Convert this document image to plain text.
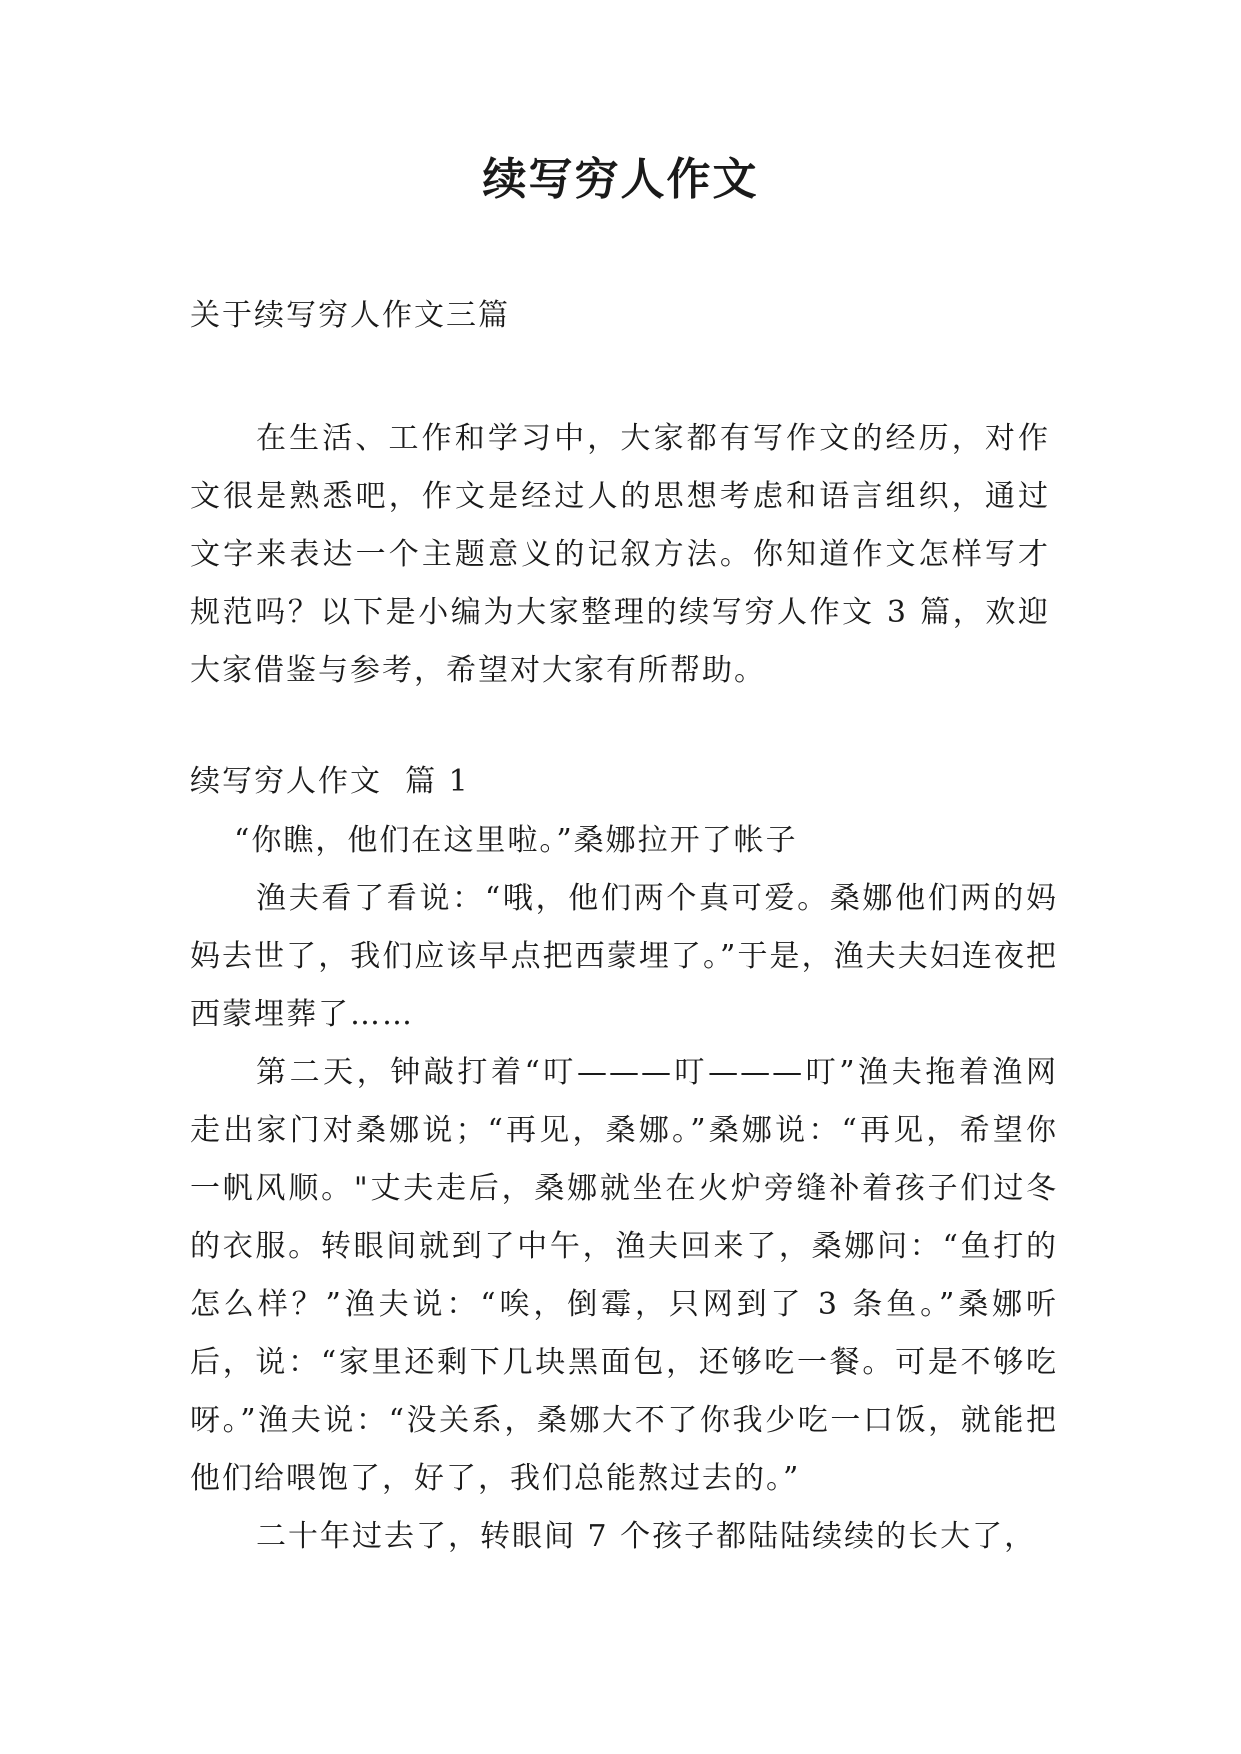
续写穷人作文
关于续写穷人作文三篇

在生活、工作和学习中，大家都有写作文的经历，对作文很是熟悉吧，作文是经过人的思想考虑和语言组织，通过文字来表达一个主题意义的记叙方法。你知道作文怎样写才规范吗？以下是小编为大家整理的续写穷人作文 3 篇，欢迎大家借鉴与参考，希望对大家有所帮助。

续写穷人作文  篇 1

“你瞧，他们在这里啦。”桑娜拉开了帐子

渔夫看了看说：“哦，他们两个真可爱。桑娜他们两的妈妈去世了，我们应该早点把西蒙埋了。”于是，渔夫夫妇连夜把西蒙埋葬了……

第二天，钟敲打着“叮———叮———叮”渔夫拖着渔网走出家门对桑娜说；“再见，桑娜。”桑娜说：“再见，希望你一帆风顺。"丈夫走后，桑娜就坐在火炉旁缝补着孩子们过冬的衣服。转眼间就到了中午，渔夫回来了，桑娜问：“鱼打的怎么样？”渔夫说：“唉，倒霉，只网到了 3 条鱼。”桑娜听后，说：“家里还剩下几块黑面包，还够吃一餐。可是不够吃呀。”渔夫说：“没关系，桑娜大不了你我少吃一口饭，就能把他们给喂饱了，好了，我们总能熬过去的。”

二十年过去了，转眼间 7 个孩子都陆陆续续的长大了，
